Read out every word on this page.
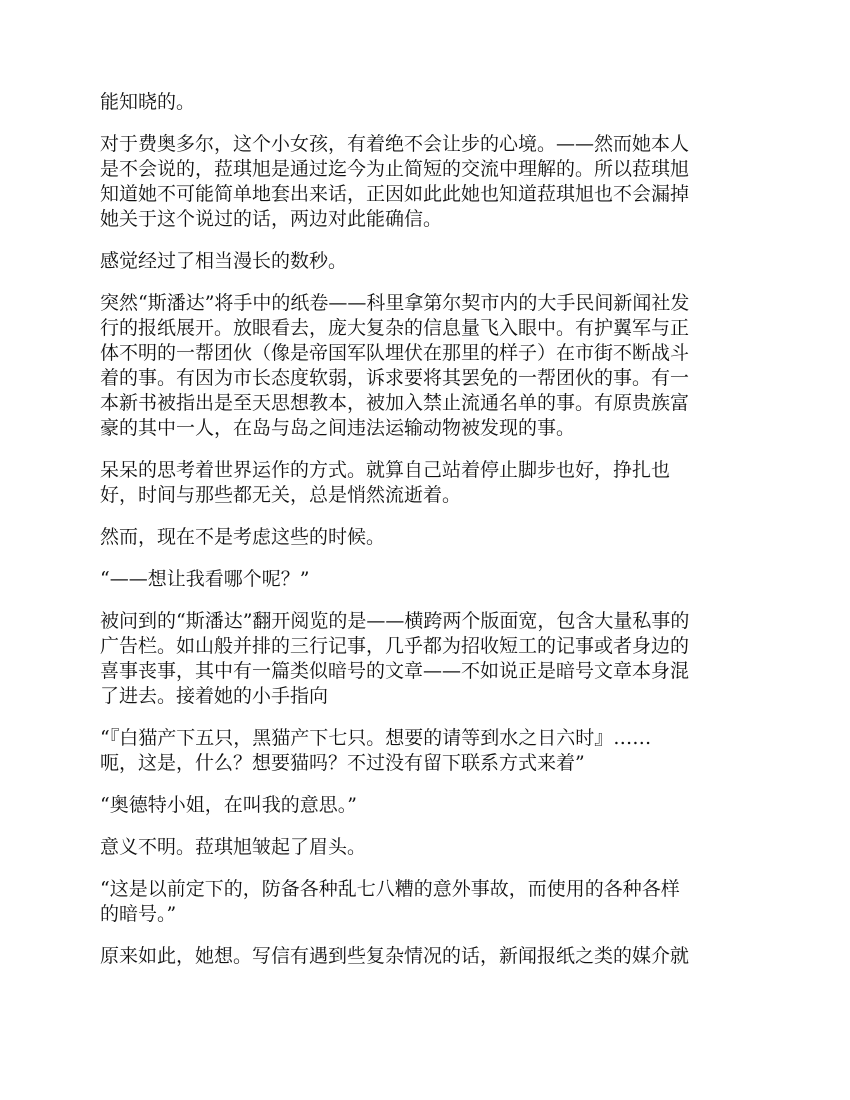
能知晓的。

对于费奥多尔，这个小女孩，有着绝不会让步的心境。——然而她本人
是不会说的，菈琪旭是通过迄今为止简短的交流中理解的。所以菈琪旭
知道她不可能简单地套出来话，正因如此此她也知道菈琪旭也不会漏掉
她关于这个说过的话，两边对此能确信。

感觉经过了相当漫长的数秒。

突然“斯潘达”将手中的纸卷——科里拿第尔契市内的大手民间新闻社发
行的报纸展开。放眼看去，庞大复杂的信息量飞入眼中。有护翼军与正
体不明的一帮团伙（像是帝国军队埋伏在那里的样子）在市街不断战斗
着的事。有因为市长态度软弱，诉求要将其罢免的一帮团伙的事。有一
本新书被指出是至天思想教本，被加入禁止流通名单的事。有原贵族富
豪的其中一人，在岛与岛之间违法运输动物被发现的事。

呆呆的思考着世界运作的方式。就算自己站着停止脚步也好，挣扎也
好，时间与那些都无关，总是悄然流逝着。

然而，现在不是考虑这些的时候。

“——想让我看哪个呢？”

被问到的“斯潘达”翻开阅览的是——横跨两个版面宽，包含大量私事的
广告栏。如山般并排的三行记事，几乎都为招收短工的记事或者身边的
喜事丧事，其中有一篇类似暗号的文章——不如说正是暗号文章本身混
了进去。接着她的小手指向

“『白猫产下五只，黑猫产下七只。想要的请等到水之日六时』……
呃，这是，什么？想要猫吗？不过没有留下联系方式来着”

“奥德特小姐，在叫我的意思。”

意义不明。菈琪旭皱起了眉头。

“这是以前定下的，防备各种乱七八糟的意外事故，而使用的各种各样
的暗号。”

原来如此，她想。写信有遇到些复杂情况的话，新闻报纸之类的媒介就
